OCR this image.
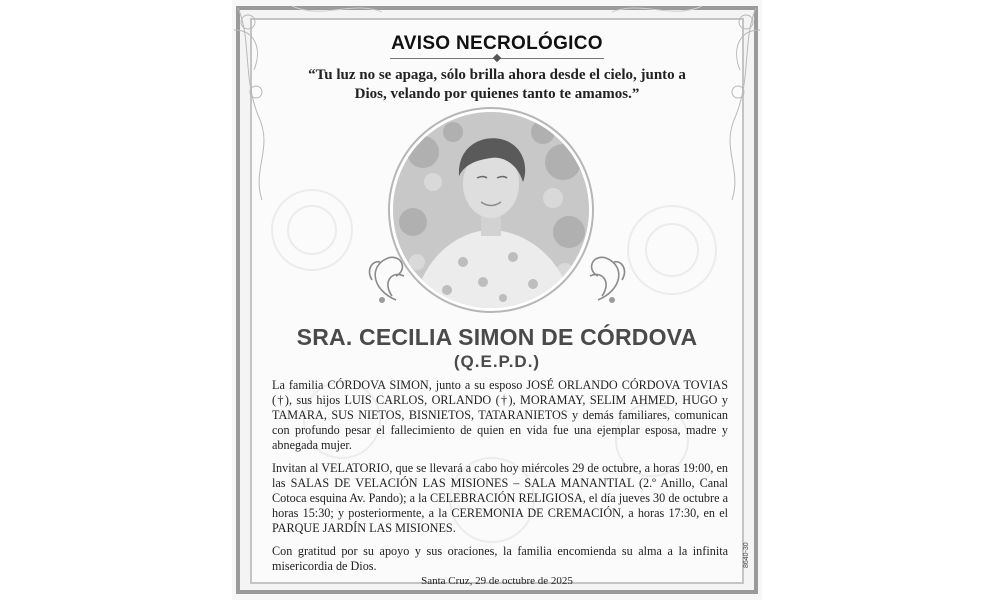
AVISO NECROLÓGICO
“Tu luz no se apaga, sólo brilla ahora desde el cielo, junto a Dios, velando por quienes tanto te amamos.”
SRA. CECILIA SIMON DE CÓRDOVA
(Q.E.P.D.)
La familia CÓRDOVA SIMON, junto a su esposo JOSÉ ORLANDO CÓRDOVA TOVIAS (†), sus hijos LUIS CARLOS, ORLANDO (†), MORAMAY, SELIM AHMED, HUGO y TAMARA, SUS NIETOS, BISNIETOS, TATARANIETOS y demás familiares, comunican con profundo pesar el fallecimiento de quien en vida fue una ejemplar esposa, madre y abnegada mujer.
Invitan al VELATORIO, que se llevará a cabo hoy miércoles 29 de octubre, a horas 19:00, en las SALAS DE VELACIÓN LAS MISIONES – SALA MANANTIAL (2.º Anillo, Canal Cotoca esquina Av. Pando); a la CELEBRACIÓN RELIGIOSA, el día jueves 30 de octubre a horas 15:30; y posteriormente, a la CEREMONIA DE CREMACIÓN, a horas 17:30, en el PARQUE JARDÍN LAS MISIONES.
Con gratitud por su apoyo y sus oraciones, la familia encomienda su alma a la infinita misericordia de Dios.
Santa Cruz, 29 de octubre de 2025
8640-30
